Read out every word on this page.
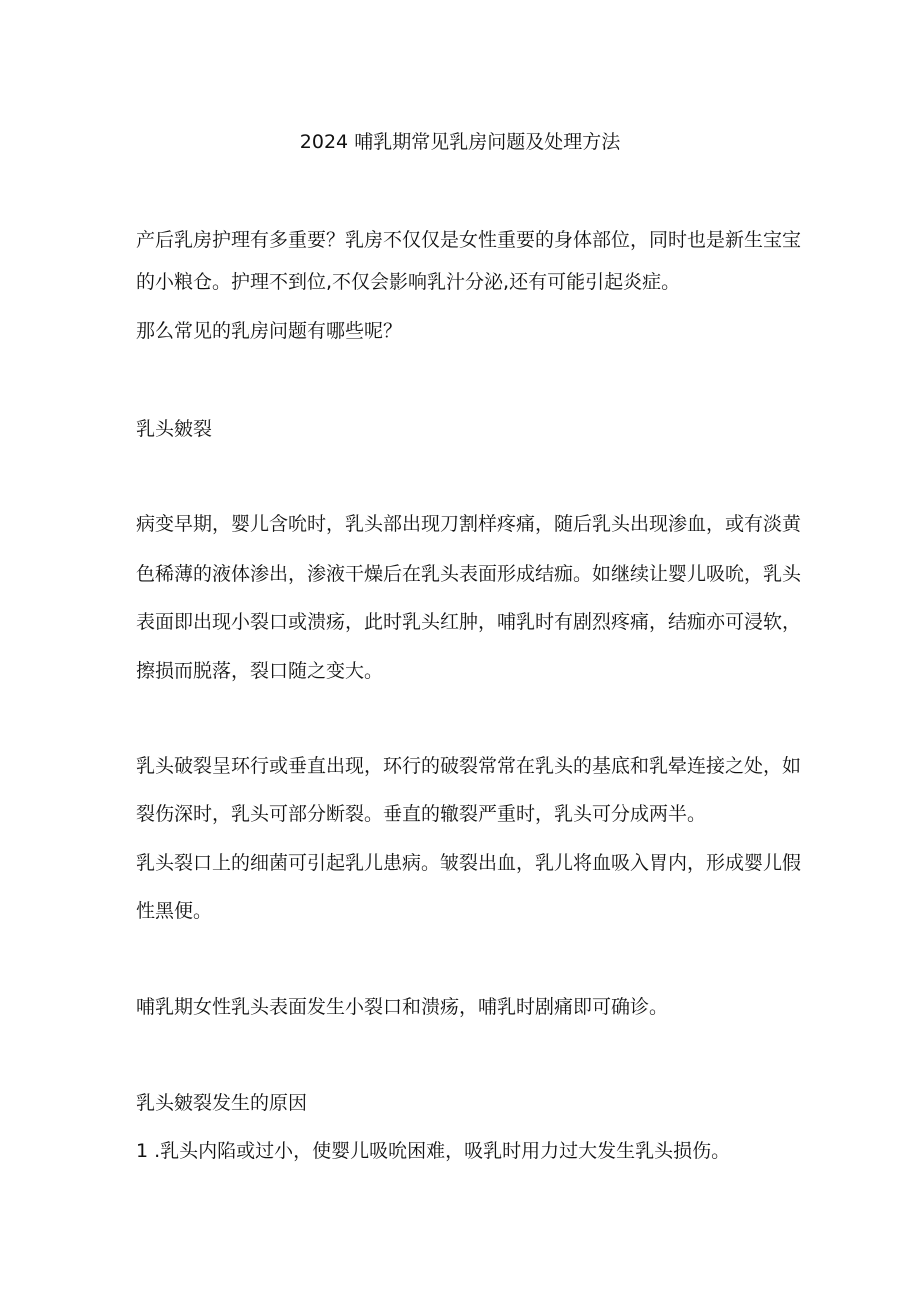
2024 哺乳期常见乳房问题及处理方法

产后乳房护理有多重要？乳房不仅仅是女性重要的身体部位，同时也是新生宝宝

的小粮仓。护理不到位,不仅会影响乳汁分泌,还有可能引起炎症。

那么常见的乳房问题有哪些呢？

乳头皴裂

病变早期，婴儿含吮时，乳头部出现刀割样疼痛，随后乳头出现渗血，或有淡黄

色稀薄的液体渗出，渗液干燥后在乳头表面形成结痂。如继续让婴儿吸吮，乳头

表面即出现小裂口或溃疡，此时乳头红肿，哺乳时有剧烈疼痛，结痂亦可浸软，

擦损而脱落，裂口随之变大。

乳头破裂呈环行或垂直出现，环行的破裂常常在乳头的基底和乳晕连接之处，如

裂伤深时，乳头可部分断裂。垂直的辙裂严重时，乳头可分成两半。

乳头裂口上的细菌可引起乳儿患病。皱裂出血，乳儿将血吸入胃内，形成婴儿假

性黑便。

哺乳期女性乳头表面发生小裂口和溃疡，哺乳时剧痛即可确诊。

乳头皴裂发生的原因

1 .乳头内陷或过小，使婴儿吸吮困难，吸乳时用力过大发生乳头损伤。
